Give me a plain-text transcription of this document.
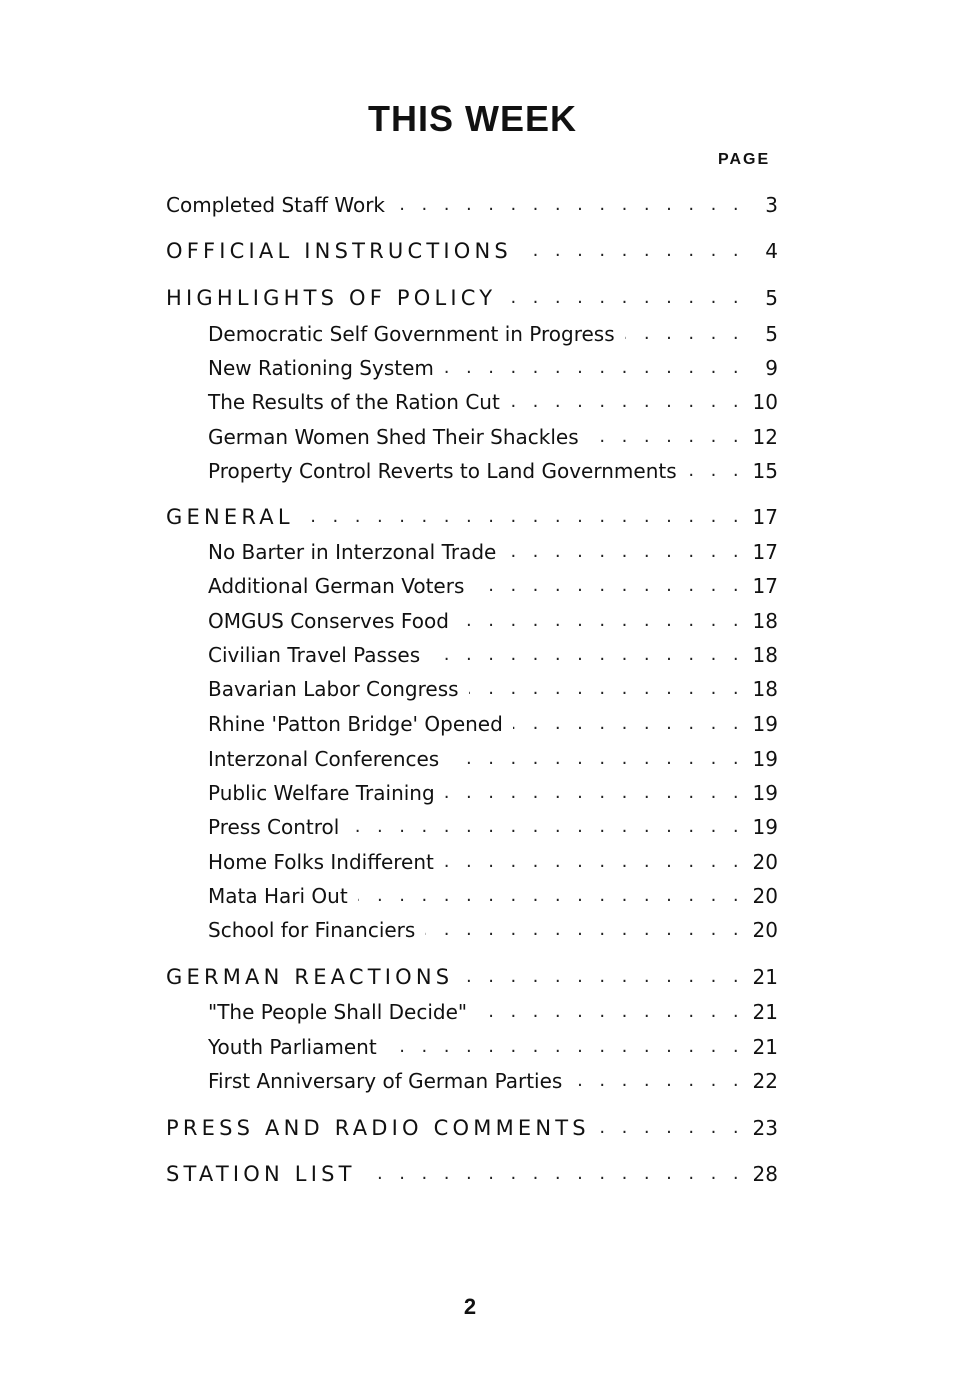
THIS WEEK
PAGE
Completed Staff Work . . .	3
OFFICIAL INSTRUCTIONS . . .	4
HIGHLIGHTS OF POLICY . . .	5
Democratic Self Government in Progress . . .	5
New Rationing System . . .	9
The Results of the Ration Cut . . .	10
German Women Shed Their Shackles . . .	12
Property Control Reverts to Land Governments . . .	15
GENERAL . . .	17
No Barter in Interzonal Trade . . .	17
Additional German Voters . . .	17
OMGUS Conserves Food . . .	18
Civilian Travel Passes . . .	18
Bavarian Labor Congress . . .	18
Rhine 'Patton Bridge' Opened . . .	19
Interzonal Conferences . . .	19
Public Welfare Training . . .	19
Press Control . . .	19
Home Folks Indifferent . . .	20
Mata Hari Out . . .	20
School for Financiers . . .	20
GERMAN REACTIONS . . .	21
"The People Shall Decide" . . .	21
Youth Parliament . . .	21
First Anniversary of German Parties . . .	22
PRESS AND RADIO COMMENTS . . .	23
STATION LIST . . .	28
2
